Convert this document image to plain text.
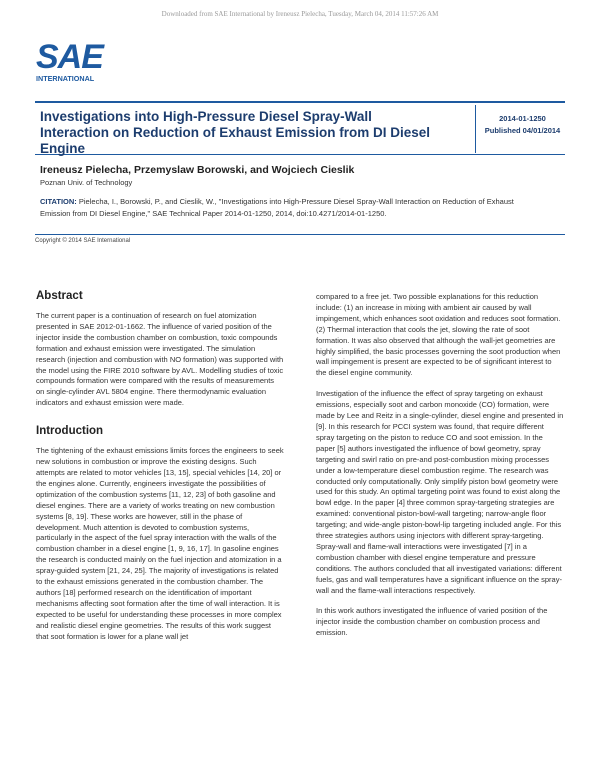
Downloaded from SAE International by Ireneusz Pielecha, Tuesday, March 04, 2014 11:57:26 AM
SAE
INTERNATIONAL
Investigations into High-Pressure Diesel Spray-Wall Interaction on Reduction of Exhaust Emission from DI Diesel Engine
2014-01-1250
Published 04/01/2014
Ireneusz Pielecha, Przemyslaw Borowski, and Wojciech Cieslik
Poznan Univ. of Technology
CITATION: Pielecha, I., Borowski, P., and Cieslik, W., "Investigations into High-Pressure Diesel Spray-Wall Interaction on Reduction of Exhaust Emission from DI Diesel Engine," SAE Technical Paper 2014-01-1250, 2014, doi:10.4271/2014-01-1250.
Copyright © 2014 SAE International
Abstract

The current paper is a continuation of research on fuel atomization presented in SAE 2012-01-1662. The influence of varied position of the injector inside the combustion chamber on combustion, toxic compounds formation and exhaust emission were investigated. The simulation research (injection and combustion with NO formation) was supported with the model using the FIRE 2010 software by AVL. Modelling studies of toxic compounds formation were compared with the results of measurements on single-cylinder AVL 5804 engine. There thermodynamic evaluation indicators and exhaust emission were made.

Introduction

The tightening of the exhaust emissions limits forces the engineers to seek new solutions in combustion or improve the existing designs. Such attempts are related to motor vehicles [13, 15], special vehicles [14, 20] or the engines alone. Currently, engineers investigate the possibilities of optimization of the combustion systems [11, 12, 23] of both gasoline and diesel engines. There are a variety of works treating on new combustion systems [8, 19]. These works are however, still in the phase of development. Much attention is devoted to combustion systems, particularly in the aspect of the fuel spray interaction with the walls of the combustion chamber in a diesel engine [1, 9, 16, 17]. In gasoline engines the research is conducted mainly on the fuel injection and atomization in a spray-guided system [21, 24, 25]. The majority of investigations is related to the exhaust emissions generated in the combustion chamber. The authors [18] performed research on the identification of important mechanisms affecting soot formation after the time of wall interaction. It is expected to be useful for understanding these processes in more complex and realistic diesel engine geometries. The results of this work suggest that soot formation is lower for a plane wall jet

compared to a free jet. Two possible explanations for this reduction include: (1) an increase in mixing with ambient air caused by wall impingement, which enhances soot oxidation and reduces soot formation. (2) Thermal interaction that cools the jet, slowing the rate of soot formation. It was also observed that although the wall-jet geometries are highly simplified, the basic processes governing the soot production when wall impingement is present are expected to be of significant interest to the diesel engine community.

Investigation of the influence the effect of spray targeting on exhaust emissions, especially soot and carbon monoxide (CO) formation, were made by Lee and Reitz in a single-cylinder, diesel engine and presented in [9]. In this research for PCCI system was found, that require different spray targeting on the piston to reduce CO and soot emission. In the paper [5] authors investigated the influence of bowl geometry, spray targeting and swirl ratio on pre-and post-combustion mixing processes under a low-temperature diesel combustion regime. The research was conducted only computationally. Only simplify piston bowl geometry were used for this study. An optimal targeting point was found to exist along the bowl edge. In the paper [4] three common spray-targeting strategies are examined: conventional piston-bowl-wall targeting; narrow-angle floor targeting; and wide-angle piston-bowl-lip targeting included angle. For this three strategies authors using injectors with different spray-targeting. Spray-wall and flame-wall interactions were investigated [7] in a combustion chamber with diesel engine temperature and pressure conditions. The authors concluded that all investigated variations: different fuels, gas and wall temperatures have a significant influence on the spray-wall and the flame-wall interactions respectively.

In this work authors investigated the influence of varied position of the injector inside the combustion chamber on combustion process and emission.
